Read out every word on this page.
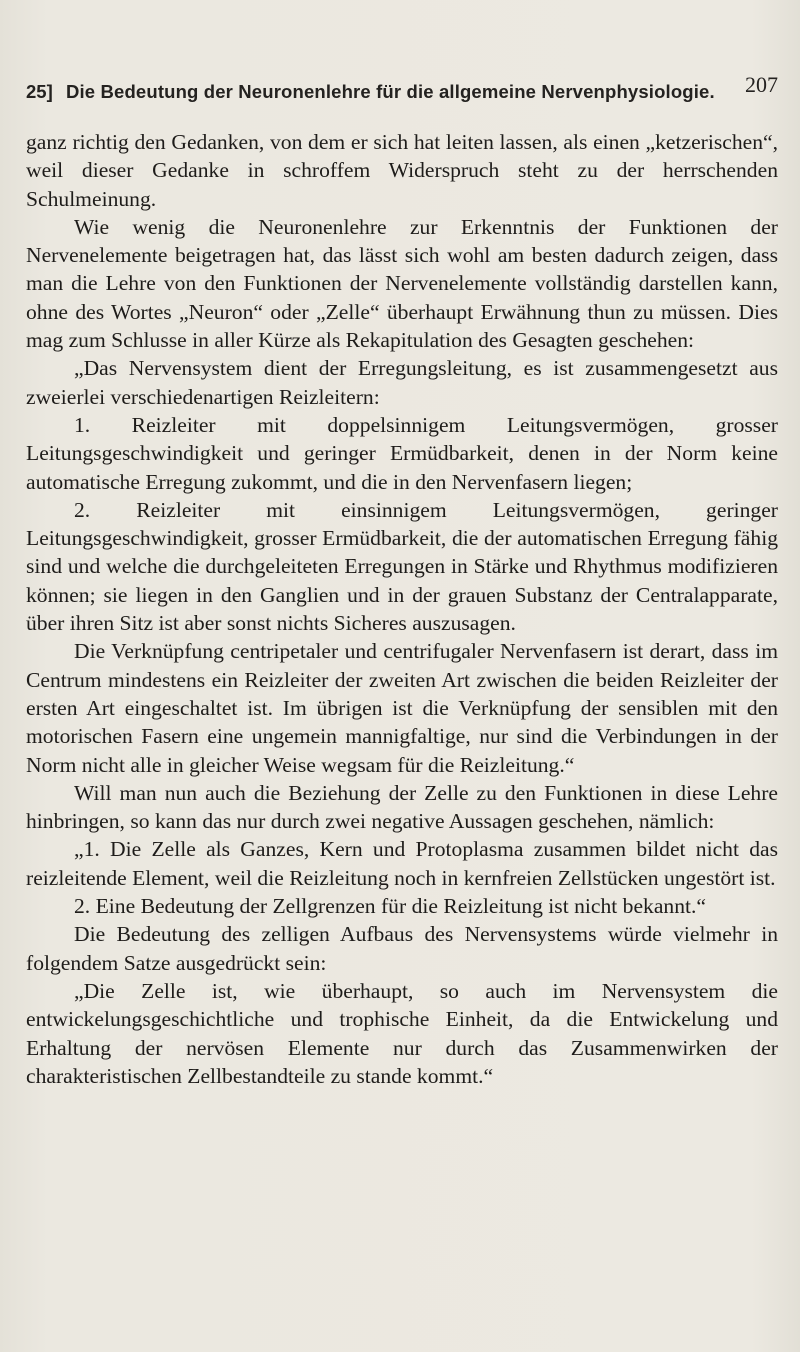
25] Die Bedeutung der Neuronenlehre für die allgemeine Nervenphysiologie. 207

ganz richtig den Gedanken, von dem er sich hat leiten lassen, als einen „ketzerischen“, weil dieser Gedanke in schroffem Widerspruch steht zu der herrschenden Schulmeinung.

Wie wenig die Neuronenlehre zur Erkenntnis der Funktionen der Nervenelemente beigetragen hat, das lässt sich wohl am besten dadurch zeigen, dass man die Lehre von den Funktionen der Nervenelemente vollständig darstellen kann, ohne des Wortes „Neuron“ oder „Zelle“ überhaupt Erwähnung thun zu müssen. Dies mag zum Schlusse in aller Kürze als Rekapitulation des Gesagten geschehen:

„Das Nervensystem dient der Erregungsleitung, es ist zusammengesetzt aus zweierlei verschiedenartigen Reizleitern:

1. Reizleiter mit doppelsinnigem Leitungsvermögen, grosser Leitungsgeschwindigkeit und geringer Ermüdbarkeit, denen in der Norm keine automatische Erregung zukommt, und die in den Nervenfasern liegen;

2. Reizleiter mit einsinnigem Leitungsvermögen, geringer Leitungsgeschwindigkeit, grosser Ermüdbarkeit, die der automatischen Erregung fähig sind und welche die durchgeleiteten Erregungen in Stärke und Rhythmus modifizieren können; sie liegen in den Ganglien und in der grauen Substanz der Centralapparate, über ihren Sitz ist aber sonst nichts Sicheres auszusagen.

Die Verknüpfung centripetaler und centrifugaler Nervenfasern ist derart, dass im Centrum mindestens ein Reizleiter der zweiten Art zwischen die beiden Reizleiter der ersten Art eingeschaltet ist. Im übrigen ist die Verknüpfung der sensiblen mit den motorischen Fasern eine ungemein mannigfaltige, nur sind die Verbindungen in der Norm nicht alle in gleicher Weise wegsam für die Reizleitung.“

Will man nun auch die Beziehung der Zelle zu den Funktionen in diese Lehre hinbringen, so kann das nur durch zwei negative Aussagen geschehen, nämlich:

„1. Die Zelle als Ganzes, Kern und Protoplasma zusammen bildet nicht das reizleitende Element, weil die Reizleitung noch in kernfreien Zellstücken ungestört ist.

2. Eine Bedeutung der Zellgrenzen für die Reizleitung ist nicht bekannt.“

Die Bedeutung des zelligen Aufbaus des Nervensystems würde vielmehr in folgendem Satze ausgedrückt sein:

„Die Zelle ist, wie überhaupt, so auch im Nervensystem die entwickelungsgeschichtliche und trophische Einheit, da die Entwickelung und Erhaltung der nervösen Elemente nur durch das Zusammenwirken der charakteristischen Zellbestandteile zu stande kommt.“
